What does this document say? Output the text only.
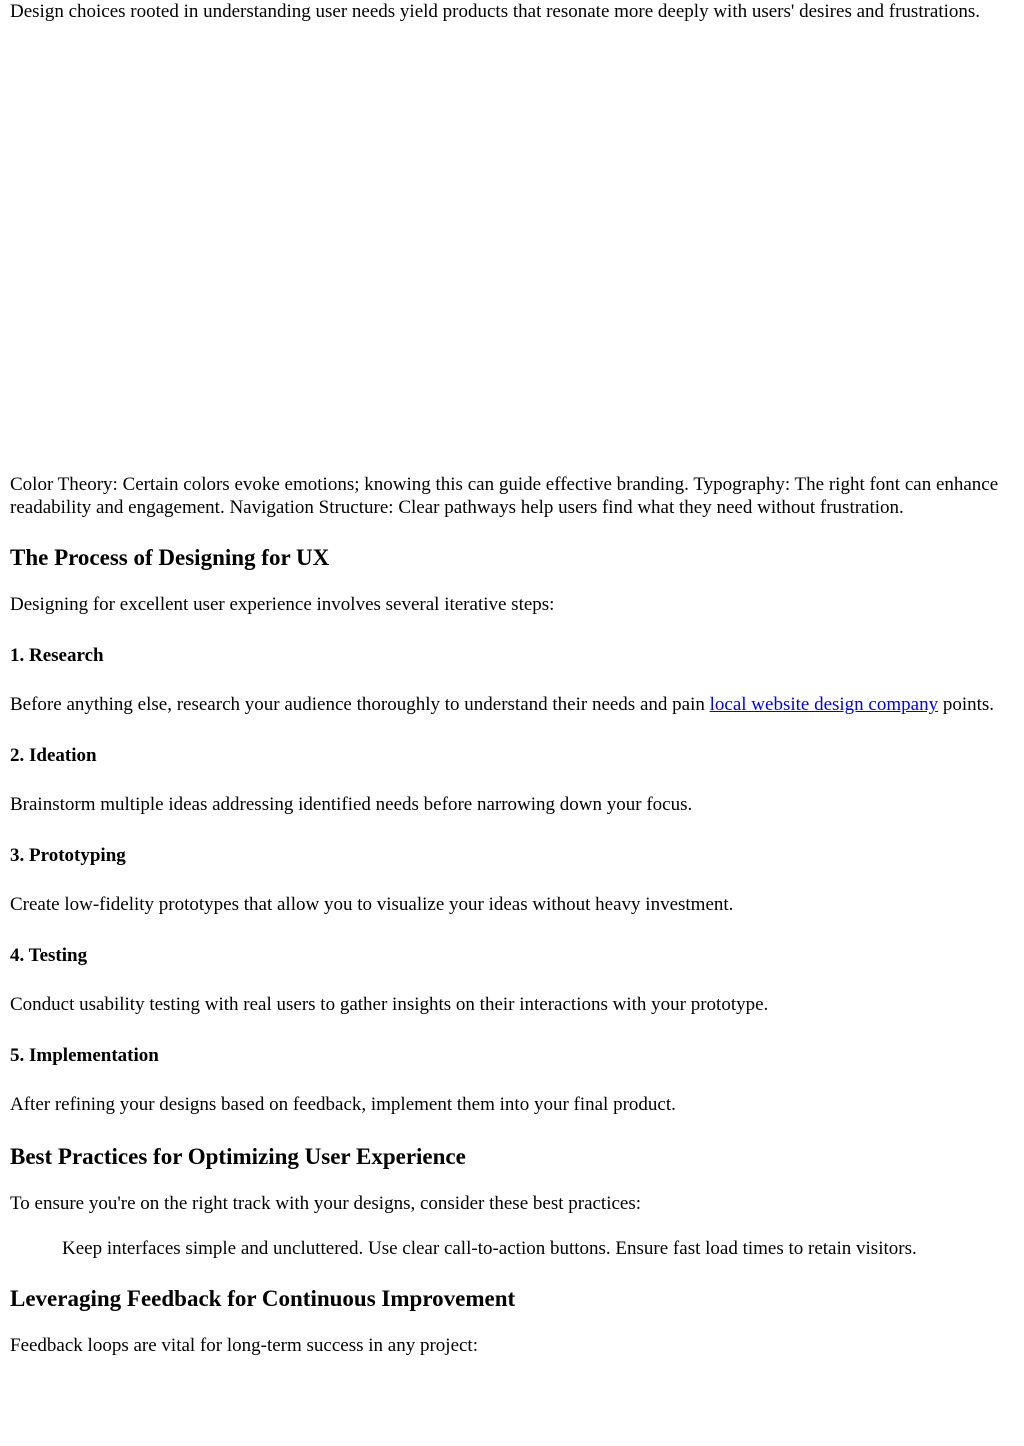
Design choices rooted in understanding user needs yield products that resonate more deeply with users' desires and frustrations.

Color Theory: Certain colors evoke emotions; knowing this can guide effective branding. Typography: The right font can enhance readability and engagement. Navigation Structure: Clear pathways help users find what they need without frustration.

The Process of Designing for UX

Designing for excellent user experience involves several iterative steps:

1. Research

Before anything else, research your audience thoroughly to understand their needs and pain local website design company points.

2. Ideation

Brainstorm multiple ideas addressing identified needs before narrowing down your focus.

3. Prototyping

Create low-fidelity prototypes that allow you to visualize your ideas without heavy investment.

4. Testing

Conduct usability testing with real users to gather insights on their interactions with your prototype.

5. Implementation

After refining your designs based on feedback, implement them into your final product.

Best Practices for Optimizing User Experience

To ensure you're on the right track with your designs, consider these best practices:

Keep interfaces simple and uncluttered. Use clear call-to-action buttons. Ensure fast load times to retain visitors.

Leveraging Feedback for Continuous Improvement

Feedback loops are vital for long-term success in any project:
